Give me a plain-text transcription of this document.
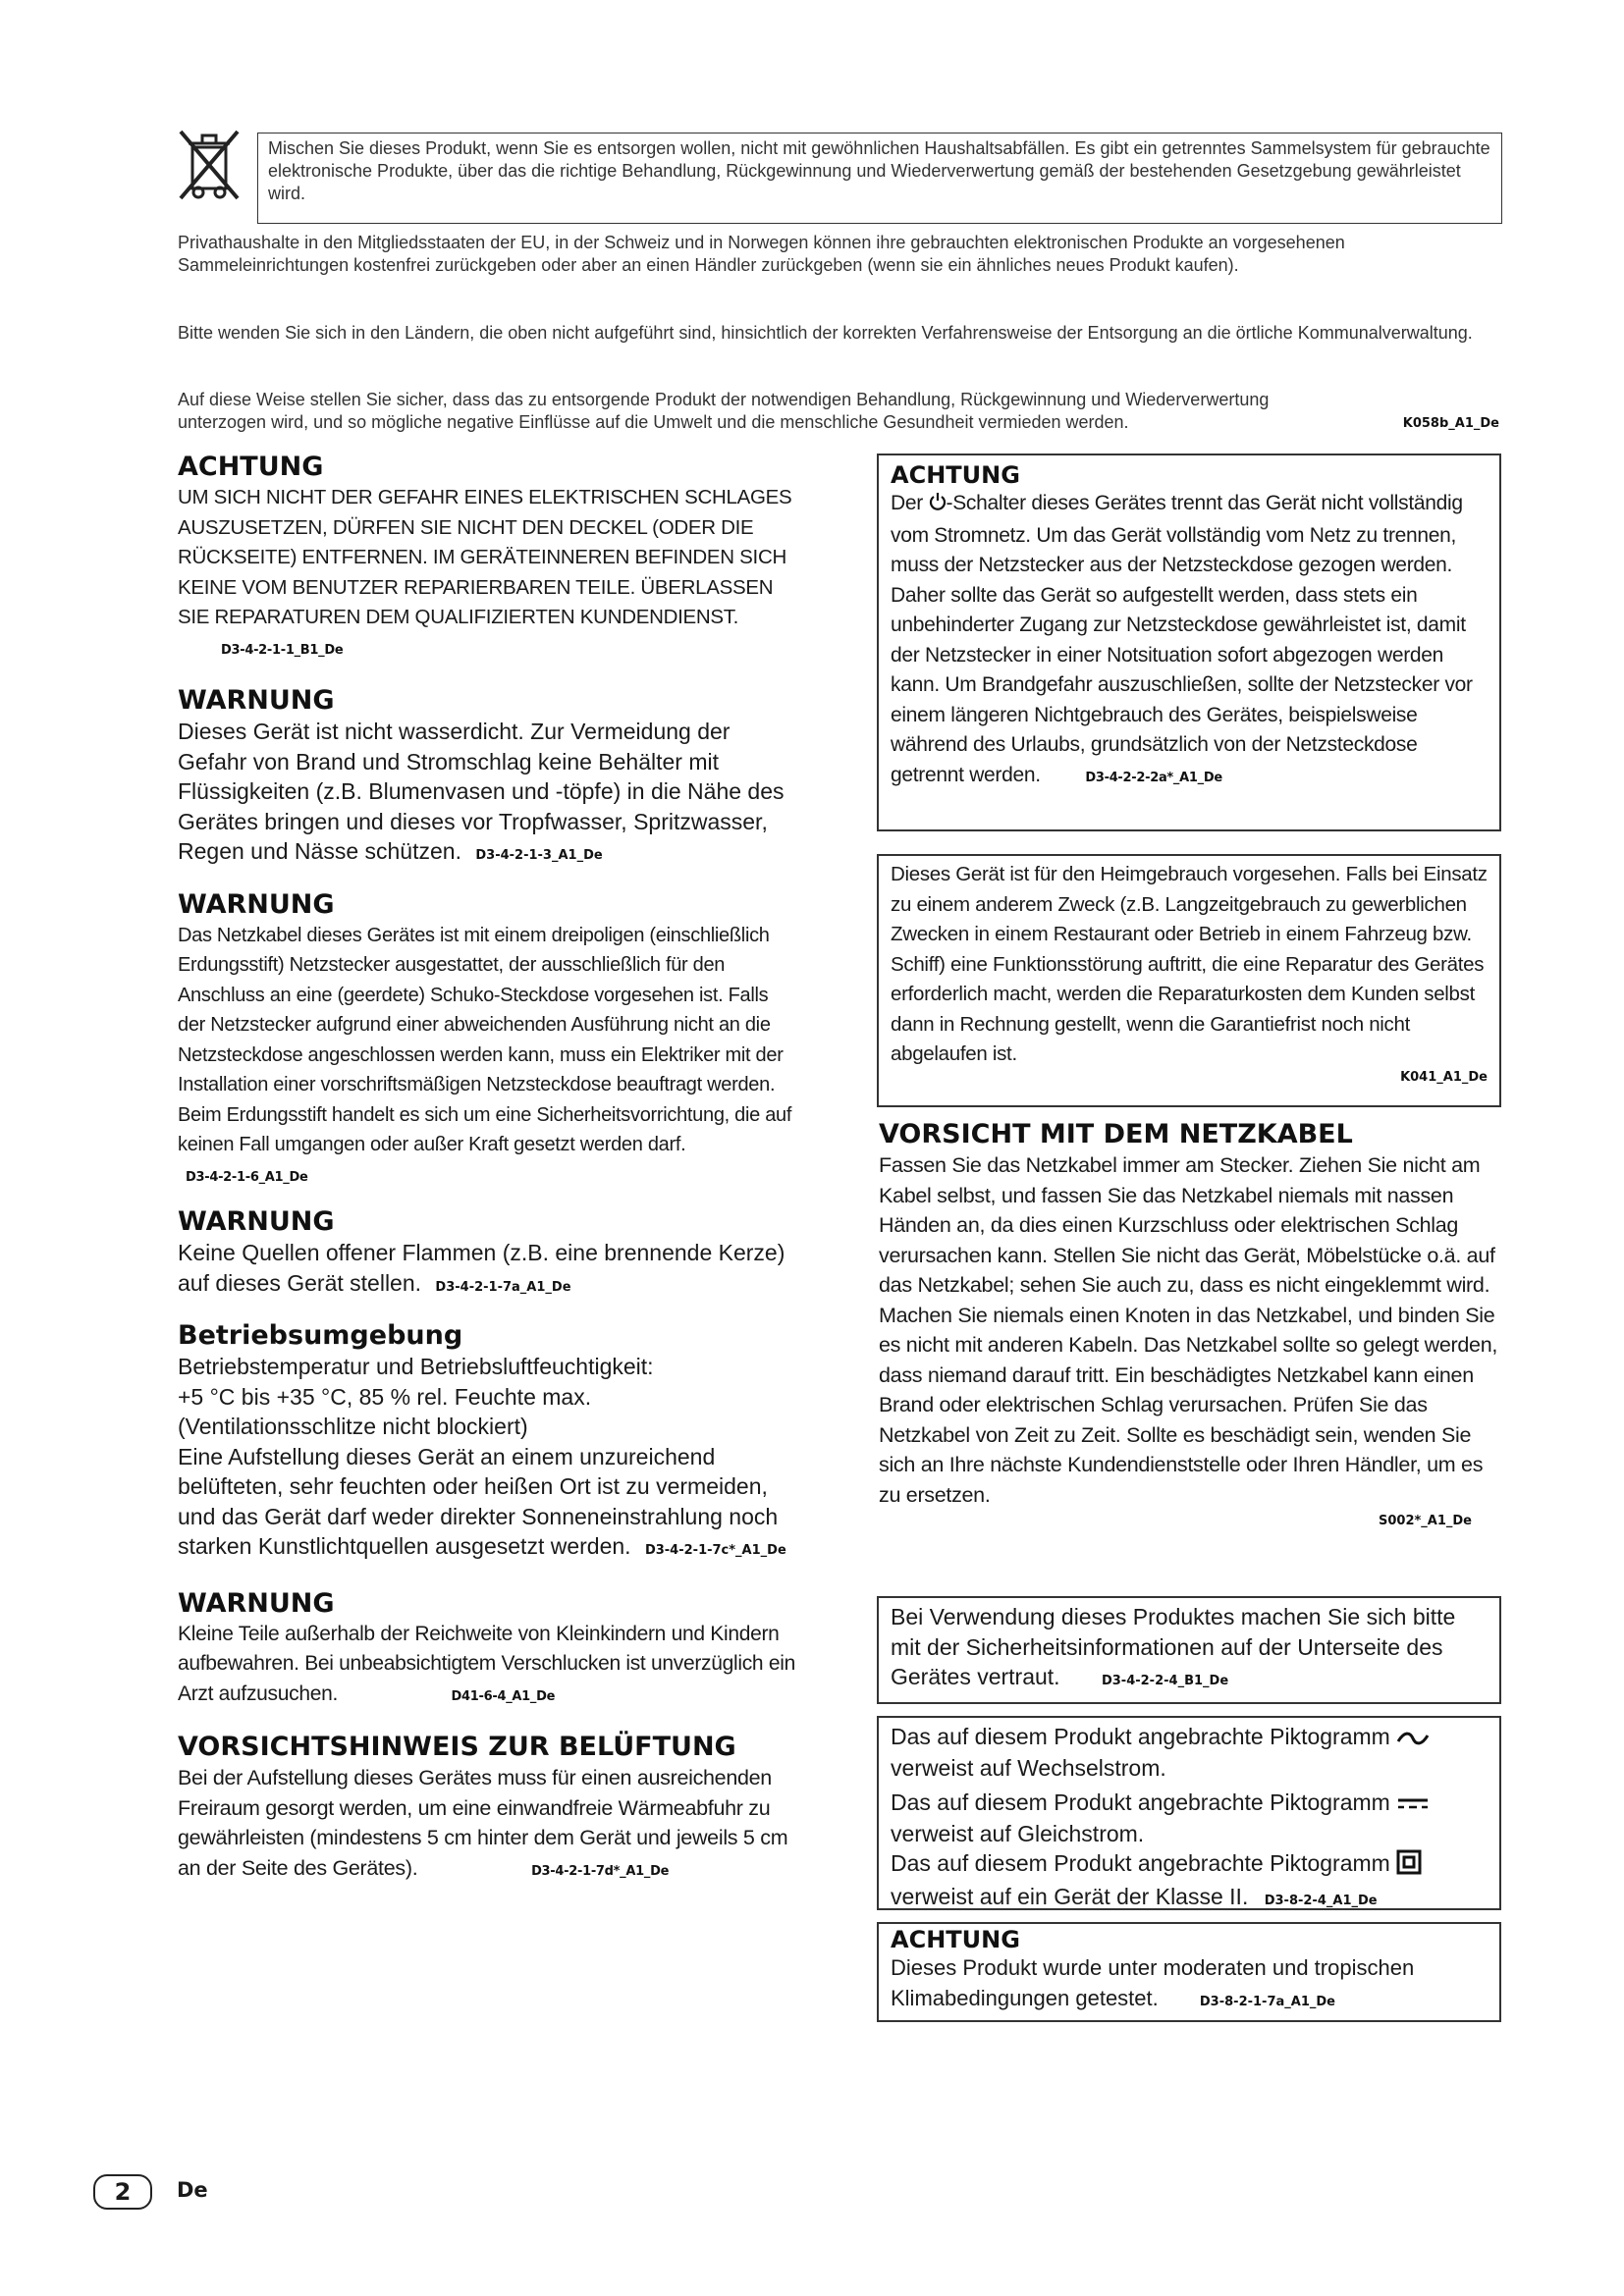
Mischen Sie dieses Produkt, wenn Sie es entsorgen wollen, nicht mit gewöhnlichen Haushaltsabfällen. Es gibt ein getrenntes Sammelsystem für gebrauchte elektronische Produkte, über das die richtige Behandlung, Rückgewinnung und Wiederverwertung gemäß der bestehenden Gesetzgebung gewährleistet wird.

Privathaushalte in den Mitgliedsstaaten der EU, in der Schweiz und in Norwegen können ihre gebrauchten elektronischen Produkte an vorgesehenen Sammeleinrichtungen kostenfrei zurückgeben oder aber an einen Händler zurückgeben (wenn sie ein ähnliches neues Produkt kaufen).

Bitte wenden Sie sich in den Ländern, die oben nicht aufgeführt sind, hinsichtlich der korrekten Verfahrensweise der Entsorgung an die örtliche Kommunalverwaltung.

Auf diese Weise stellen Sie sicher, dass das zu entsorgende Produkt der notwendigen Behandlung, Rückgewinnung und Wiederverwertung unterzogen wird, und so mögliche negative Einflüsse auf die Umwelt und die menschliche Gesundheit vermieden werden.	K058b_A1_De
ACHTUNG

UM SICH NICHT DER GEFAHR EINES ELEKTRISCHEN SCHLAGES AUSZUSETZEN, DÜRFEN SIE NICHT DEN DECKEL (ODER DIE RÜCKSEITE) ENTFERNEN. IM GERÄTEINNEREN BEFINDEN SICH KEINE VOM BENUTZER REPARIERBAREN TEILE. ÜBERLASSEN SIE REPARATUREN DEM QUALIFIZIERTEN KUNDENDIENST. D3-4-2-1-1_B1_De

WARNUNG

Dieses Gerät ist nicht wasserdicht. Zur Vermeidung der Gefahr von Brand und Stromschlag keine Behälter mit Flüssigkeiten (z.B. Blumenvasen und -töpfe) in die Nähe des Gerätes bringen und dieses vor Tropfwasser, Spritzwasser, Regen und Nässe schützen. D3-4-2-1-3_A1_De

WARNUNG

Das Netzkabel dieses Gerätes ist mit einem dreipoligen (einschließlich Erdungsstift) Netzstecker ausgestattet, der ausschließlich für den Anschluss an eine (geerdete) Schuko-Steckdose vorgesehen ist. Falls der Netzstecker aufgrund einer abweichenden Ausführung nicht an die Netzsteckdose angeschlossen werden kann, muss ein Elektriker mit der Installation einer vorschriftsmäßigen Netzsteckdose beauftragt werden. Beim Erdungsstift handelt es sich um eine Sicherheitsvorrichtung, die auf keinen Fall umgangen oder außer Kraft gesetzt werden darf. D3-4-2-1-6_A1_De

WARNUNG

Keine Quellen offener Flammen (z.B. eine brennende Kerze) auf dieses Gerät stellen. D3-4-2-1-7a_A1_De

Betriebsumgebung

Betriebstemperatur und Betriebsluftfeuchtigkeit:

+5 °C bis +35 °C, 85 % rel. Feuchte max.

(Ventilationsschlitze nicht blockiert)

Eine Aufstellung dieses Gerät an einem unzureichend belüfteten, sehr feuchten oder heißen Ort ist zu vermeiden, und das Gerät darf weder direkter Sonneneinstrahlung noch starken Kunstlichtquellen ausgesetzt werden. D3-4-2-1-7c*_A1_De

WARNUNG

Kleine Teile außerhalb der Reichweite von Kleinkindern und Kindern aufbewahren. Bei unbeabsichtigtem Verschlucken ist unverzüglich ein Arzt aufzusuchen.	D41-6-4_A1_De

VORSICHTSHINWEIS ZUR BELÜFTUNG

Bei der Aufstellung dieses Gerätes muss für einen ausreichenden Freiraum gesorgt werden, um eine einwandfreie Wärmeabfuhr zu gewährleisten (mindestens 5 cm hinter dem Gerät und jeweils 5 cm an der Seite des Gerätes).	D3-4-2-1-7d*_A1_De

ACHTUNG

Der -Schalter dieses Gerätes trennt das Gerät nicht vollständig vom Stromnetz. Um das Gerät vollständig vom Netz zu trennen, muss der Netzstecker aus der Netzsteckdose gezogen werden. Daher sollte das Gerät so aufgestellt werden, dass stets ein unbehinderter Zugang zur Netzsteckdose gewährleistet ist, damit der Netzstecker in einer Notsituation sofort abgezogen werden kann. Um Brandgefahr auszuschließen, sollte der Netzstecker vor einem längeren Nichtgebrauch des Gerätes, beispielsweise während des Urlaubs, grundsätzlich von der Netzsteckdose getrennt werden.	D3-4-2-2-2a*_A1_De

Dieses Gerät ist für den Heimgebrauch vorgesehen. Falls bei Einsatz zu einem anderem Zweck (z.B. Langzeitgebrauch zu gewerblichen Zwecken in einem Restaurant oder Betrieb in einem Fahrzeug bzw. Schiff) eine Funktionsstörung auftritt, die eine Reparatur des Gerätes erforderlich macht, werden die Reparaturkosten dem Kunden selbst dann in Rechnung gestellt, wenn die Garantiefrist noch nicht abgelaufen ist.

K041_A1_De

VORSICHT MIT DEM NETZKABEL

Fassen Sie das Netzkabel immer am Stecker. Ziehen Sie nicht am Kabel selbst, und fassen Sie das Netzkabel niemals mit nassen Händen an, da dies einen Kurzschluss oder elektrischen Schlag verursachen kann. Stellen Sie nicht das Gerät, Möbelstücke o.ä. auf das Netzkabel; sehen Sie auch zu, dass es nicht eingeklemmt wird. Machen Sie niemals einen Knoten in das Netzkabel, und binden Sie es nicht mit anderen Kabeln. Das Netzkabel sollte so gelegt werden, dass niemand darauf tritt. Ein beschädigtes Netzkabel kann einen Brand oder elektrischen Schlag verursachen. Prüfen Sie das Netzkabel von Zeit zu Zeit. Sollte es beschädigt sein, wenden Sie sich an Ihre nächste Kundendienststelle oder Ihren Händler, um es zu ersetzen.

S002*_A1_De

Bei Verwendung dieses Produktes machen Sie sich bitte mit der Sicherheitsinformationen auf der Unterseite des Gerätes vertraut.	D3-4-2-2-4_B1_De

Das auf diesem Produkt angebrachte Piktogramm

verweist auf Wechselstrom.

Das auf diesem Produkt angebrachte Piktogramm

verweist auf Gleichstrom.

Das auf diesem Produkt angebrachte Piktogramm

verweist auf ein Gerät der Klasse II. D3-8-2-4_A1_De

ACHTUNG

Dieses Produkt wurde unter moderaten und tropischen Klimabedingungen getestet.	D3-8-2-1-7a_A1_De

2	De
